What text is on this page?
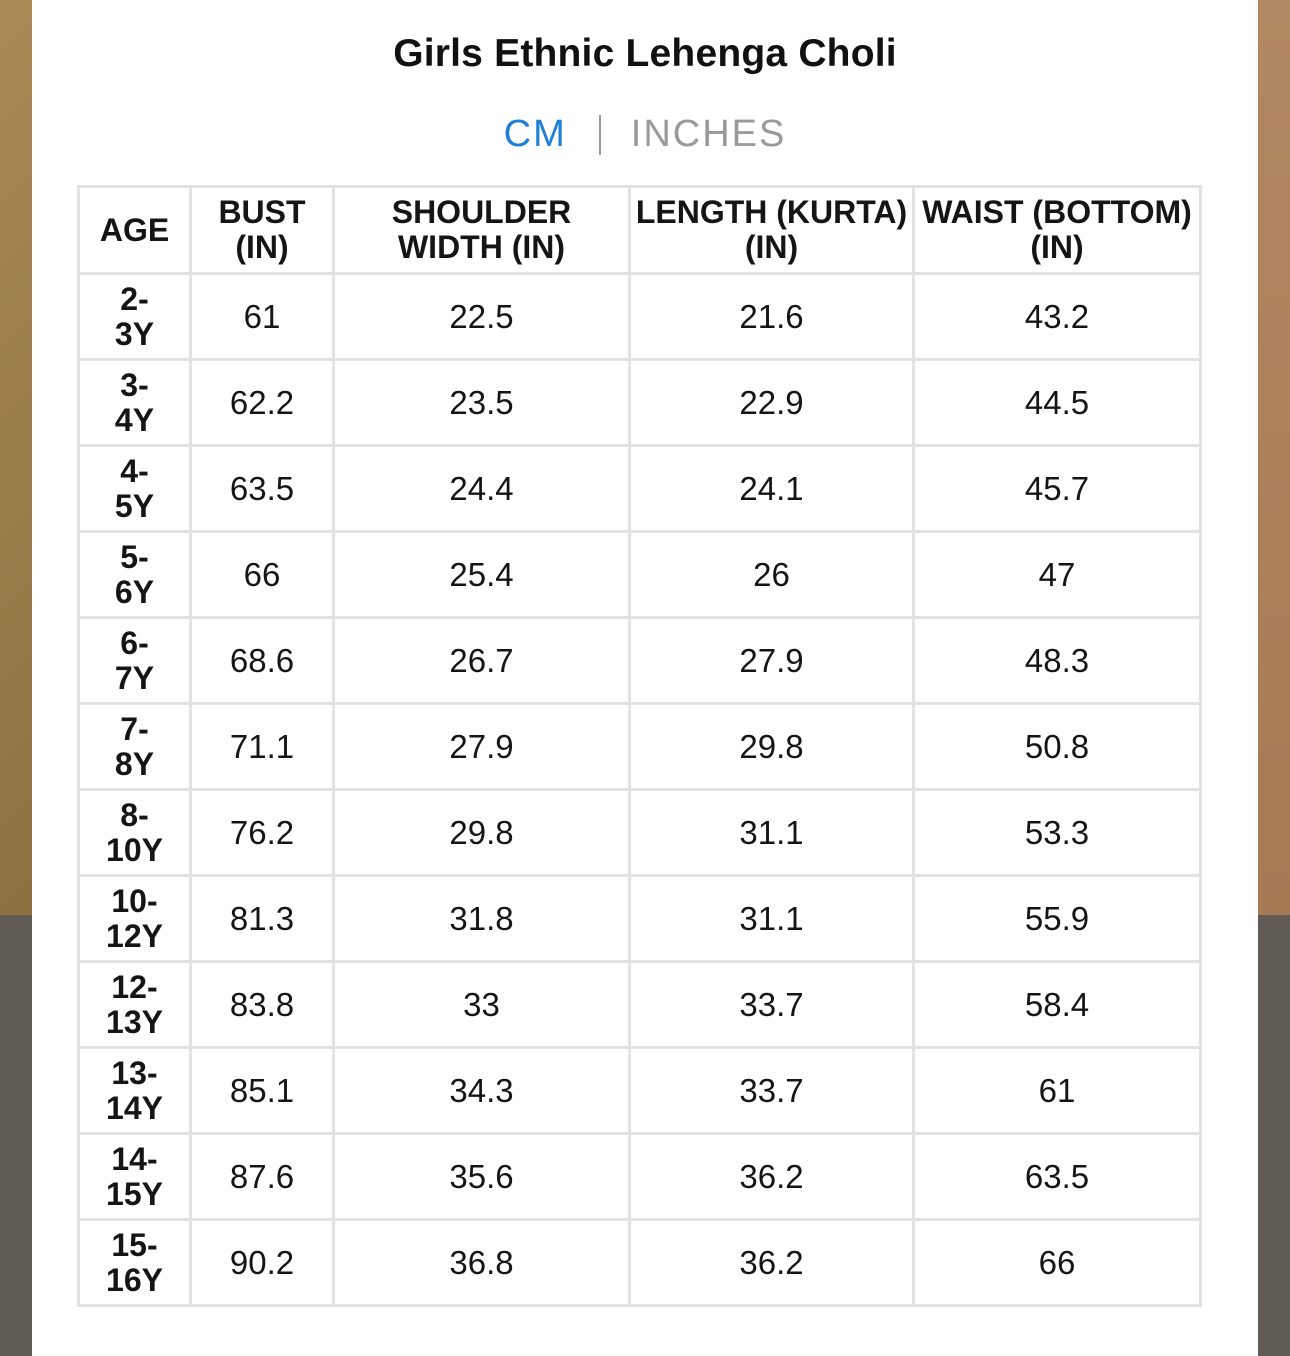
Girls Ethnic Lehenga Choli
CM INCHES
AGE	BUST (IN)	SHOULDER WIDTH (IN)	LENGTH (KURTA) (IN)	WAIST (BOTTOM) (IN)

2-
3Y	61	22.5	21.6	43.2

3-
4Y	62.2	23.5	22.9	44.5

4-
5Y	63.5	24.4	24.1	45.7

5-
6Y	66	25.4	26	47

6-
7Y	68.6	26.7	27.9	48.3

7-
8Y	71.1	27.9	29.8	50.8

8-
10Y	76.2	29.8	31.1	53.3

10-
12Y	81.3	31.8	31.1	55.9

12-
13Y	83.8	33	33.7	58.4

13-
14Y	85.1	34.3	33.7	61

14-
15Y	87.6	35.6	36.2	63.5

15-
16Y	90.2	36.8	36.2	66
